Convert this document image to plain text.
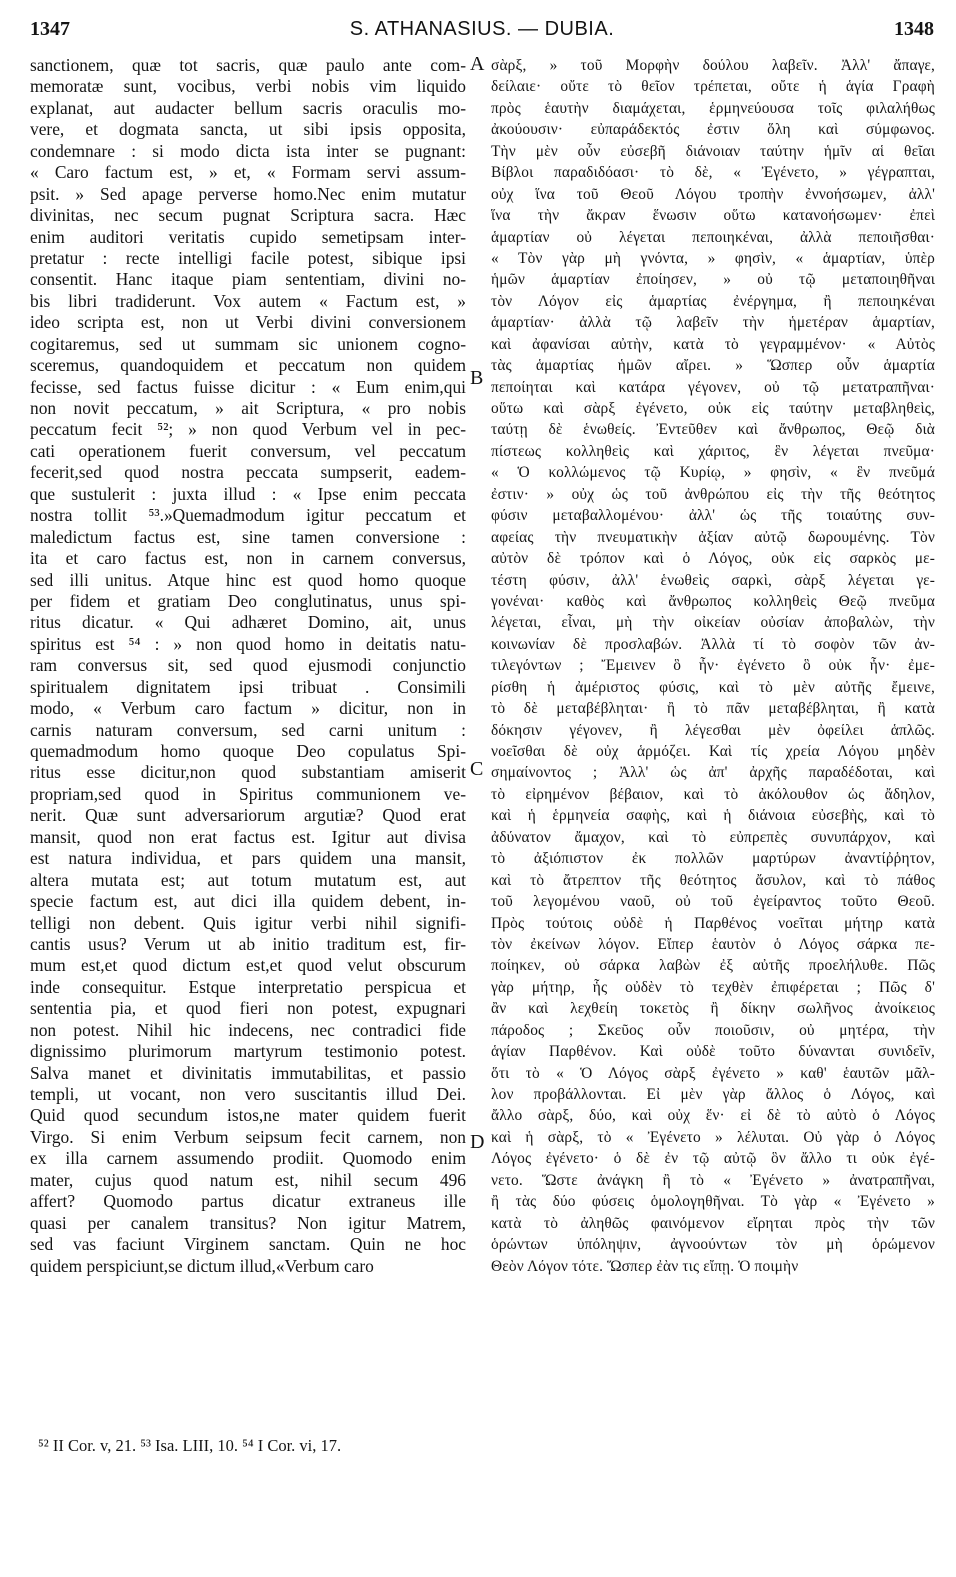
1347	S. ATHANASIUS. — DUBIA.	1348
sanctionem, quæ tot sacris, quæ paulo ante com-
memoratæ sunt, vocibus, verbi nobis vim liquido
explanat, aut audacter bellum sacris oraculis mo-
vere, et dogmata sancta, ut sibi ipsis opposita,
condemnare : si modo dicta ista inter se pugnant:
« Caro factum est, » et, « Formam servi assum-
psit. » Sed apage perverse homo.Nec enim mutatur
divinitas, nec secum pugnat Scriptura sacra. Hæc
enim auditori veritatis cupido semetipsam inter-
pretatur : recte intelligi facile potest, sibique ipsi
consentit. Hanc itaque piam sententiam, divini no-
bis libri tradiderunt. Vox autem « Factum est, »
ideo scripta est, non ut Verbi divini conversionem
cogitaremus, sed ut summam sic unionem cogno-
sceremus, quandoquidem et peccatum non quidem
fecisse, sed factus fuisse dicitur : « Eum enim,qui
non novit peccatum, » ait Scriptura, « pro nobis
peccatum fecit ⁵²; » non quod Verbum vel in pec-
cati operationem fuerit conversum, vel peccatum
fecerit,sed quod nostra peccata sumpserit, eadem-
que sustulerit : juxta illud : « Ipse enim peccata
nostra tollit ⁵³.»Quemadmodum igitur peccatum et
maledictum factus est, sine tamen conversione :
ita et caro factus est, non in carnem conversus,
sed illi unitus. Atque hinc est quod homo quoque
per fidem et gratiam Deo conglutinatus, unus spi-
ritus dicatur. « Qui adhæret Domino, ait, unus
spiritus est ⁵⁴ : » non quod homo in deitatis natu-
ram conversus sit, sed quod ejusmodi conjunctio
spiritualem dignitatem ipsi tribuat . Consimili
modo, « Verbum caro factum » dicitur, non in
carnis naturam conversum, sed carni unitum :
quemadmodum homo quoque Deo copulatus Spi-
ritus esse dicitur,non quod substantiam amiserit
propriam,sed quod in Spiritus communionem ve-
nerit. Quæ sunt adversariorum argutiæ? Quod erat
mansit, quod non erat factus est. Igitur aut divisa
est natura individua, et pars quidem una mansit,
altera mutata est; aut totum mutatum est, aut
specie factum est, aut dici illa quidem debent, in-
telligi non debent. Quis igitur verbi nihil signifi-
cantis usus? Verum ut ab initio traditum est, fir-
mum est,et quod dictum est,et quod velut obscurum
inde consequitur. Estque interpretatio perspicua et
sententia pia, et quod fieri non potest, expugnari
non potest. Nihil hic indecens, nec contradici fide
dignissimo plurimorum martyrum testimonio potest.
Salva manet et divinitatis immutabilitas, et passio
templi, ut vocant, non vero suscitantis illud Dei.
Quid quod secundum istos,ne mater quidem fuerit
Virgo. Si enim Verbum seipsum fecit carnem, non
ex illa carnem assumendo prodiit. Quomodo enim
mater, cujus quod natum est, nihil secum 496
affert? Quomodo partus dicatur extraneus ille
quasi per canalem transitus? Non igitur Matrem,
sed vas faciunt Virginem sanctam. Quin ne hoc
quidem perspiciunt,se dictum illud,«Verbum caro
σὰρξ, » τοῦ Μορφὴν δούλου λαβεῖν. Ἀλλ' ἄπαγε,
δείλαιε· οὔτε τὸ θεῖον τρέπεται, οὔτε ἡ ἁγία Γραφὴ
πρὸς ἑαυτὴν διαμάχεται, ἑρμηνεύουσα τοῖς φιλαλήθως
ἀκούουσιν· εὐπαράδεκτός ἐστιν ὅλη καὶ σύμφωνος.
Τὴν μὲν οὖν εὐσεβῆ διάνοιαν ταύτην ἡμῖν αἱ θεῖαι
Βίβλοι παραδιδόασι· τὸ δὲ, « Ἐγένετο, » γέγραπται,
οὐχ ἵνα τοῦ Θεοῦ Λόγου τροπὴν ἐννοήσωμεν, ἀλλ'
ἵνα τὴν ἄκραν ἕνωσιν οὕτω κατανοήσωμεν· ἐπεὶ
ἁμαρτίαν οὐ λέγεται πεποιηκέναι, ἀλλὰ πεποιῆσθαι·
« Τὸν γὰρ μὴ γνόντα, » φησὶν, « ἁμαρτίαν, ὑπὲρ
ἡμῶν ἁμαρτίαν ἐποίησεν, » οὐ τῷ μεταποιηθῆναι
τὸν Λόγον εἰς ἁμαρτίας ἐνέργημα, ἢ πεποιηκέναι
ἁμαρτίαν· ἀλλὰ τῷ λαβεῖν τὴν ἡμετέραν ἁμαρτίαν,
καὶ ἀφανίσαι αὐτὴν, κατὰ τὸ γεγραμμένον· « Αὐτὸς
τὰς ἁμαρτίας ἡμῶν αἴρει. » Ὥσπερ οὖν ἁμαρτία
πεποίηται καὶ κατάρα γέγονεν, οὐ τῷ μετατραπῆναι·
οὕτω καὶ σὰρξ ἐγένετο, οὐκ εἰς ταύτην μεταβληθεὶς,
ταύτῃ δὲ ἑνωθείς. Ἐντεῦθεν καὶ ἄνθρωπος, Θεῷ διὰ
πίστεως κολληθεὶς καὶ χάριτος, ἓν λέγεται πνεῦμα·
« Ὁ κολλώμενος τῷ Κυρίῳ, » φησὶν, « ἓν πνεῦμά
ἐστιν· » οὐχ ὡς τοῦ ἀνθρώπου εἰς τὴν τῆς θεότητος
φύσιν μεταβαλλομένου· ἀλλ' ὡς τῆς τοιαύτης συν-
αφείας τὴν πνευματικὴν ἀξίαν αὐτῷ δωρουμένης. Τὸν
αὐτὸν δὲ τρόπον καὶ ὁ Λόγος, οὐκ εἰς σαρκὸς με-
τέστη φύσιν, ἀλλ' ἑνωθεὶς σαρκὶ, σὰρξ λέγεται γε-
γονέναι· καθὸς καὶ ἄνθρωπος κολληθεὶς Θεῷ πνεῦμα
λέγεται, εἶναι, μὴ τὴν οἰκείαν οὐσίαν ἀποβαλὼν, τὴν
κοινωνίαν δὲ προσλαβών. Ἀλλὰ τί τὸ σοφὸν τῶν ἀν-
τιλεγόντων ; Ἔμεινεν ὃ ἦν· ἐγένετο ὃ οὐκ ἦν· ἐμε-
ρίσθη ἡ ἀμέριστος φύσις, καὶ τὸ μὲν αὐτῆς ἔμεινε,
τὸ δὲ μεταβέβληται· ἢ τὸ πᾶν μεταβέβληται, ἢ κατὰ
δόκησιν γέγονεν, ἢ λέγεσθαι μὲν ὀφείλει ἁπλῶς.
νοεῖσθαι δὲ οὐχ ἁρμόζει. Καὶ τίς χρεία Λόγου μηδὲν
σημαίνοντος ; Ἀλλ' ὡς ἀπ' ἀρχῆς παραδέδοται, καὶ
τὸ εἰρημένον βέβαιον, καὶ τὸ ἀκόλουθον ὡς ἄδηλον,
καὶ ἡ ἑρμηνεία σαφὴς, καὶ ἡ διάνοια εὐσεβὴς, καὶ τὸ
ἀδύνατον ἄμαχον, καὶ τὸ εὐπρεπὲς συνυπάρχον, καὶ
τὸ ἀξιόπιστον ἐκ πολλῶν μαρτύρων ἀναντίῤῥητον,
καὶ τὸ ἄτρεπτον τῆς θεότητος ἄσυλον, καὶ τὸ πάθος
τοῦ λεγομένου ναοῦ, οὐ τοῦ ἐγείραντος τοῦτο Θεοῦ.
Πρὸς τούτοις οὐδὲ ἡ Παρθένος νοεῖται μήτηρ κατὰ
τὸν ἐκείνων λόγον. Εἴπερ ἑαυτὸν ὁ Λόγος σάρκα πε-
ποίηκεν, οὐ σάρκα λαβὼν ἐξ αὐτῆς προελήλυθε. Πῶς
γὰρ μήτηρ, ἧς οὐδὲν τὸ τεχθὲν ἐπιφέρεται ; Πῶς δ'
ἂν καὶ λεχθείη τοκετὸς ἢ δίκην σωλῆνος ἀνοίκειος
πάροδος ; Σκεῦος οὖν ποιοῦσιν, οὐ μητέρα, τὴν
ἁγίαν Παρθένον. Καὶ οὐδὲ τοῦτο δύνανται συνιδεῖν,
ὅτι τὸ « Ὁ Λόγος σὰρξ ἐγένετο » καθ' ἑαυτῶν μᾶλ-
λον προβάλλονται. Εἰ μὲν γὰρ ἄλλος ὁ Λόγος, καὶ
ἄλλο σὰρξ, δύο, καὶ οὐχ ἕν· εἰ δὲ τὸ αὐτὸ ὁ Λόγος
καὶ ἡ σὰρξ, τὸ « Ἐγένετο » λέλυται. Οὐ γὰρ ὁ Λόγος
Λόγος ἐγένετο· ὁ δὲ ἐν τῷ αὐτῷ ὃν ἄλλο τι οὐκ ἐγέ-
νετο. Ὥστε ἀνάγκη ἢ τὸ « Ἐγένετο » ἀνατραπῆναι,
ἢ τὰς δύο φύσεις ὁμολογηθῆναι. Τὸ γὰρ « Ἐγένετο »
κατὰ τὸ ἀληθῶς φαινόμενον εἴρηται πρὸς τὴν τῶν
ὁρώντων ὑπόληψιν, ἀγνοούντων τὸν μὴ ὁρώμενον
Θεὸν Λόγον τότε. Ὥσπερ ἐὰν τις εἴπῃ. Ὁ ποιμὴν
A
B
C
D
⁵² II Cor. v, 21. ⁵³ Isa. LIII, 10. ⁵⁴ I Cor. vi, 17.
